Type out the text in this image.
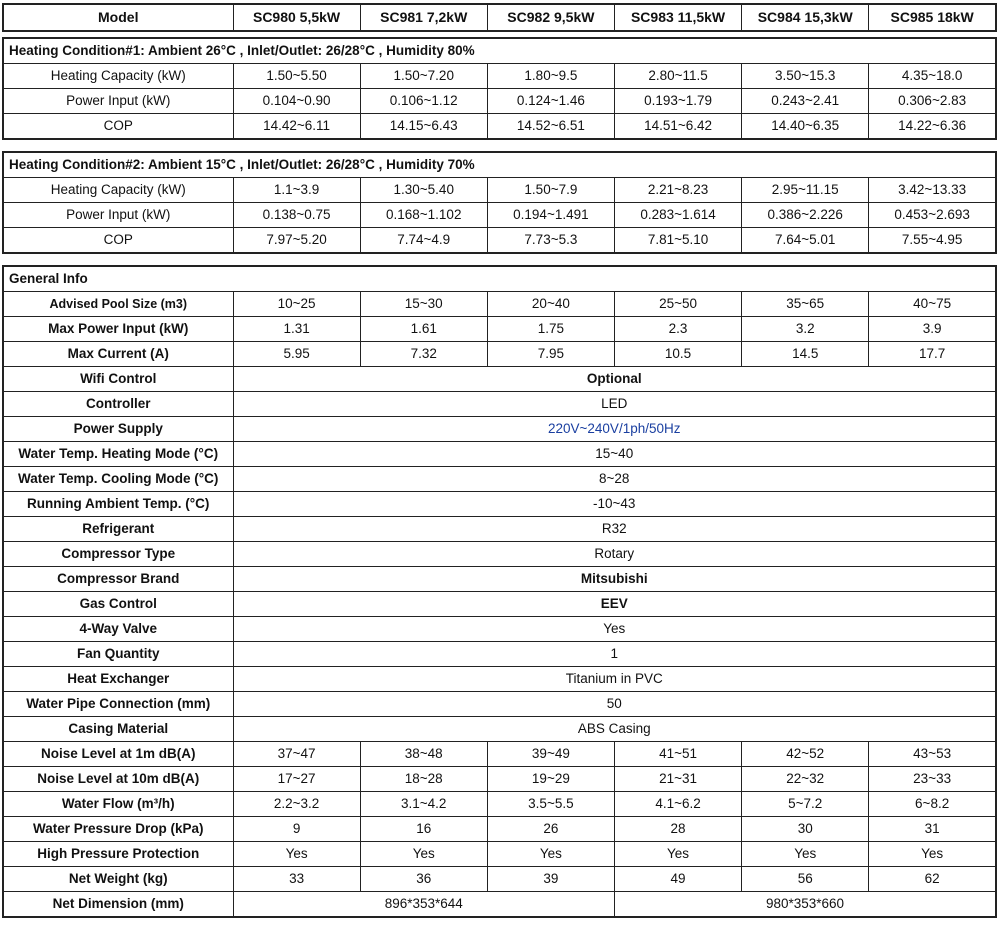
Model	SC980 5,5kW	SC981 7,2kW	SC982 9,5kW	SC983 11,5kW	SC984 15,3kW	SC985 18kW
Heating Condition#1: Ambient 26°C , Inlet/Outlet: 26/28°C , Humidity 80%						
Heating Capacity (kW)	1.50~5.50	1.50~7.20	1.80~9.5	2.80~11.5	3.50~15.3	4.35~18.0
Power Input (kW)	0.104~0.90	0.106~1.12	0.124~1.46	0.193~1.79	0.243~2.41	0.306~2.83
COP	14.42~6.11	14.15~6.43	14.52~6.51	14.51~6.42	14.40~6.35	14.22~6.36
Heating Condition#2: Ambient 15°C , Inlet/Outlet: 26/28°C , Humidity 70%						
Heating Capacity (kW)	1.1~3.9	1.30~5.40	1.50~7.9	2.21~8.23	2.95~11.15	3.42~13.33
Power Input (kW)	0.138~0.75	0.168~1.102	0.194~1.491	0.283~1.614	0.386~2.226	0.453~2.693
COP	7.97~5.20	7.74~4.9	7.73~5.3	7.81~5.10	7.64~5.01	7.55~4.95
General Info						
Advised Pool Size (m3)	10~25	15~30	20~40	25~50	35~65	40~75
Max Power Input (kW)	1.31	1.61	1.75	2.3	3.2	3.9
Max Current (A)	5.95	7.32	7.95	10.5	14.5	17.7
Wifi Control	Optional					
Controller	LED					
Power Supply	220V~240V/1ph/50Hz					
Water Temp. Heating Mode (°C)	15~40					
Water Temp. Cooling Mode (°C)	8~28					
Running Ambient Temp. (°C)	-10~43					
Refrigerant	R32					
Compressor Type	Rotary					
Compressor Brand	Mitsubishi					
Gas Control	EEV					
4-Way Valve	Yes					
Fan Quantity	1					
Heat Exchanger	Titanium in PVC					
Water Pipe Connection (mm)	50					
Casing Material	ABS Casing					
Noise Level at 1m dB(A)	37~47	38~48	39~49	41~51	42~52	43~53
Noise Level at 10m dB(A)	17~27	18~28	19~29	21~31	22~32	23~33
Water Flow (m³/h)	2.2~3.2	3.1~4.2	3.5~5.5	4.1~6.2	5~7.2	6~8.2
Water Pressure Drop (kPa)	9	16	26	28	30	31
High Pressure Protection	Yes	Yes	Yes	Yes	Yes	Yes
Net Weight (kg)	33	36	39	49	56	62
Net Dimension (mm)	896*353*644			980*353*660		
